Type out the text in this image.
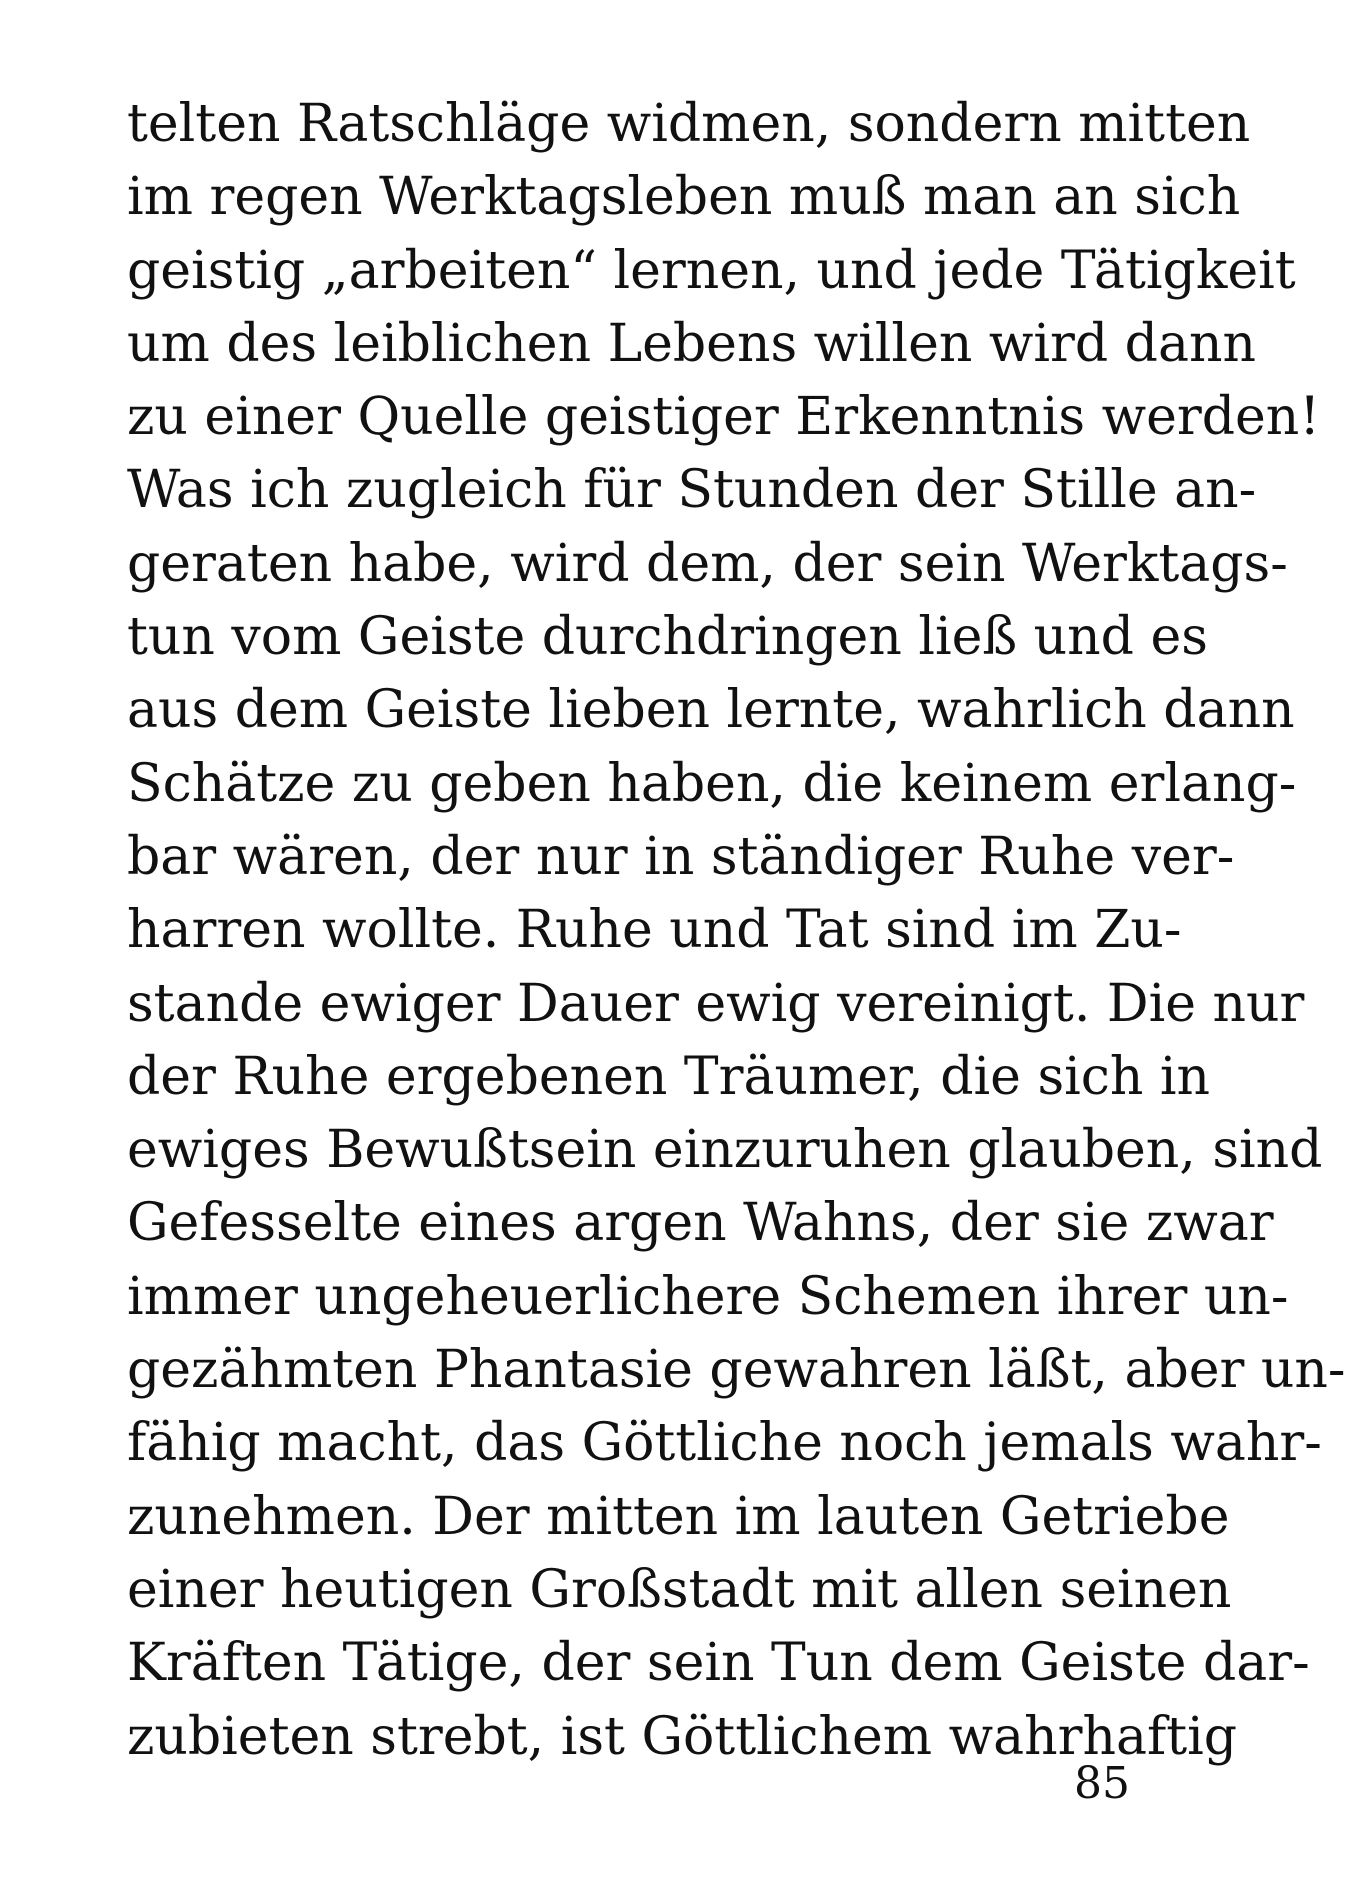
telten Ratschläge widmen, sondern mitten
im regen Werktagsleben muß man an sich
geistig „arbeiten“ lernen, und jede Tätigkeit
um des leiblichen Lebens willen wird dann
zu einer Quelle geistiger Erkenntnis werden!
Was ich zugleich für Stunden der Stille an-
geraten habe, wird dem, der sein Werktags-
tun vom Geiste durchdringen ließ und es
aus dem Geiste lieben lernte, wahrlich dann
Schätze zu geben haben, die keinem erlang-
bar wären, der nur in ständiger Ruhe ver-
harren wollte. Ruhe und Tat sind im Zu-
stande ewiger Dauer ewig vereinigt. Die nur
der Ruhe ergebenen Träumer, die sich in
ewiges Bewußtsein einzuruhen glauben, sind
Gefesselte eines argen Wahns, der sie zwar
immer ungeheuerlichere Schemen ihrer un-
gezähmten Phantasie gewahren läßt, aber un-
fähig macht, das Göttliche noch jemals wahr-
zunehmen. Der mitten im lauten Getriebe
einer heutigen Großstadt mit allen seinen
Kräften Tätige, der sein Tun dem Geiste dar-
zubieten strebt, ist Göttlichem wahrhaftig
85
